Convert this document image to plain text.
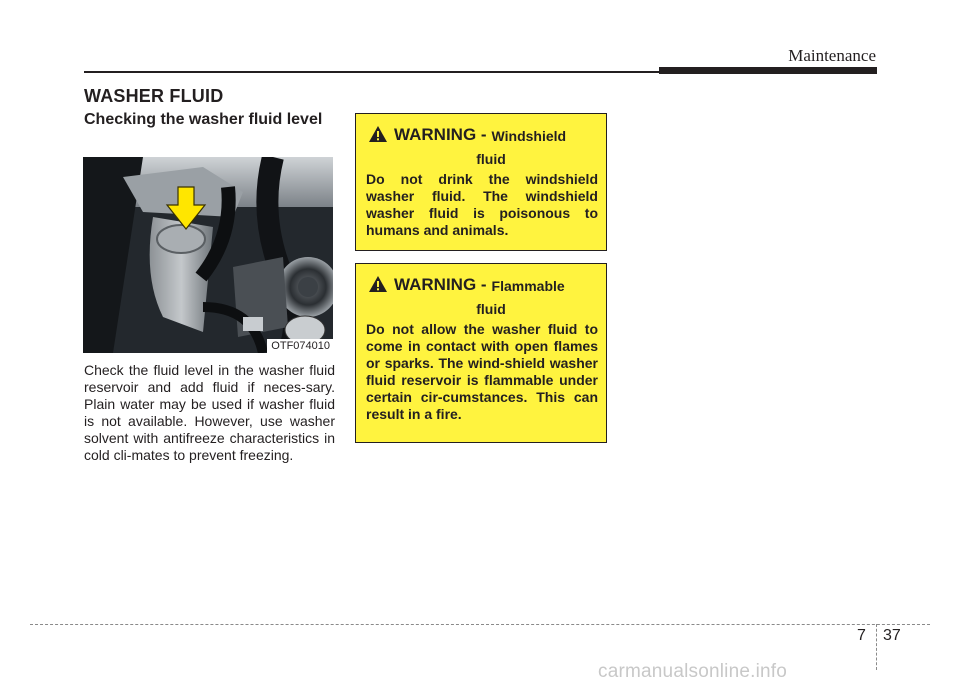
Maintenance
WASHER FLUID
Checking the washer fluid level
OTF074010

Check the fluid level in the washer fluid reservoir and add fluid if neces-sary. Plain water may be used if washer fluid is not available. However, use washer solvent with antifreeze characteristics in cold cli-mates to prevent freezing.

WARNING - Windshield
fluid

Do not drink the windshield washer fluid. The windshield washer fluid is poisonous to humans and animals.

WARNING - Flammable
fluid

Do not allow the washer fluid to come in contact with open flames or sparks. The wind-shield washer fluid reservoir is flammable under certain cir-cumstances. This can result in a fire.

7 37
carmanualsonline.info
